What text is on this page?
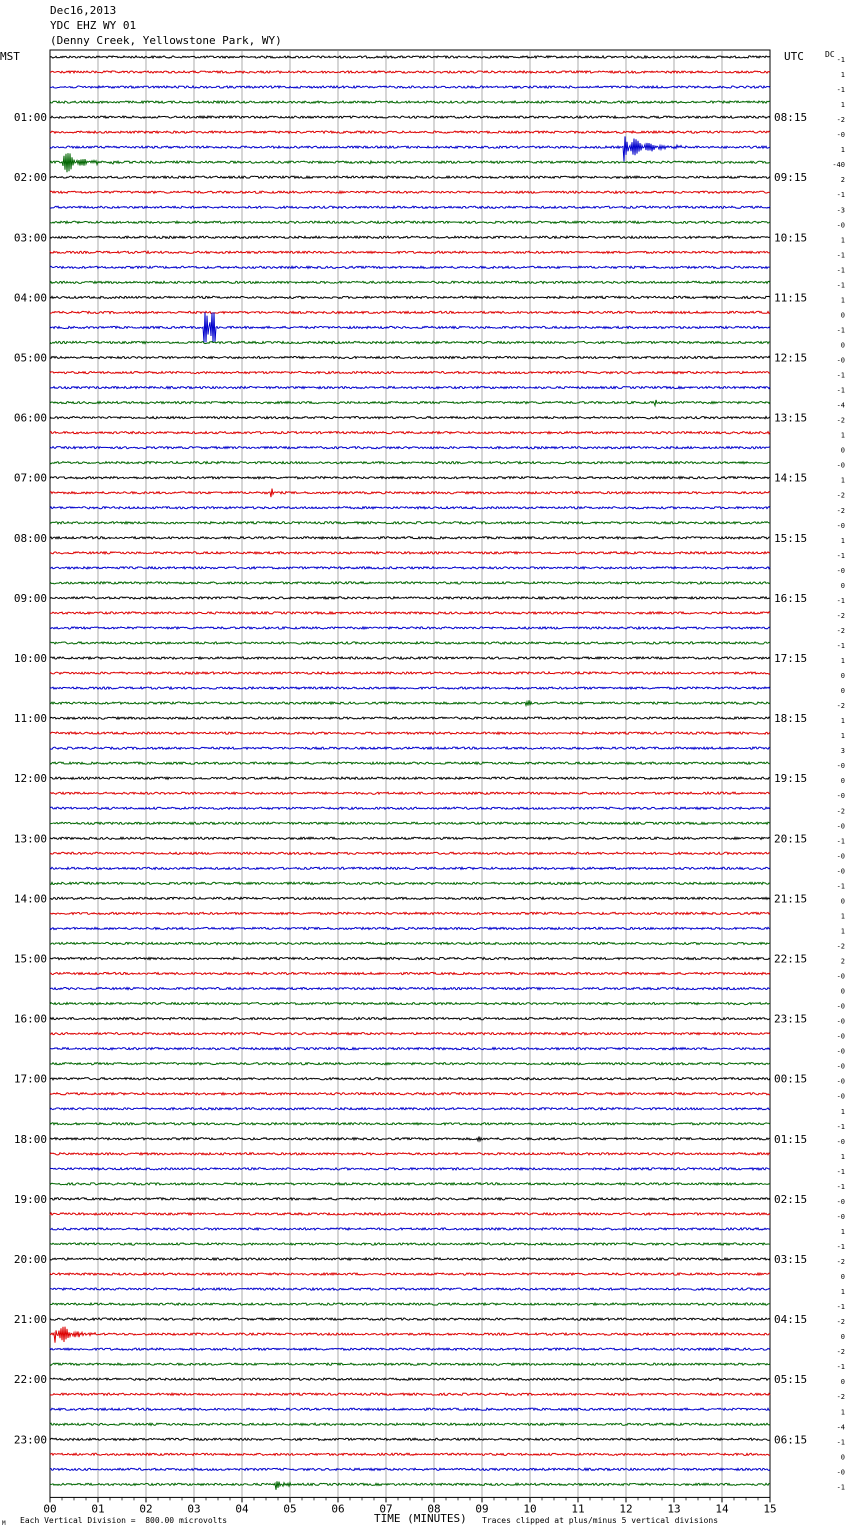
Dec16,2013
YDC EHZ WY 01
(Denny Creek, Yellowstone Park, WY)
MST	UTC	DC
01:00
02:00
03:00
04:00
05:00
06:00
07:00
08:00
09:00
10:00
11:00
12:00
13:00
14:00
15:00
16:00
17:00
18:00
19:00
20:00
21:00
22:00
23:00
08:15
09:15
10:15
11:15
12:15
13:15
14:15
15:15
16:15
17:15
18:15
19:15
20:15
21:15
22:15
23:15
00:15
01:15
02:15
03:15
04:15
05:15
06:15
-1
1
-1
1
-2
-0
1
-40
2
-1
-3
-0
1
-1
-1
-1
1
0
-1
0
-0
-1
-1
-4
-2
1
0
-0
1
-2
-2
-0
1
-1
-0
0
-1
-2
-2
-1
1
0
0
-2
1
1
3
-0
0
-0
-2
-0
-1
-0
-0
-1
0
1
1
-2
2
-0
0
-0
-0
-0
-0
-0
-0
-0
1
-1
-0
1
-1
-1
-0
-0
1
-1
-2
0
1
-1
-2
0
-2
-1
0
-2
1
-4
-1
0
-0
-1
00	01	02	03	04	05	06	07	08	09	10	11	12	13	14	15
M Each Vertical Division =  800.00 microvolts	TIME (MINUTES) Traces clipped at plus/minus 5 vertical divisions
